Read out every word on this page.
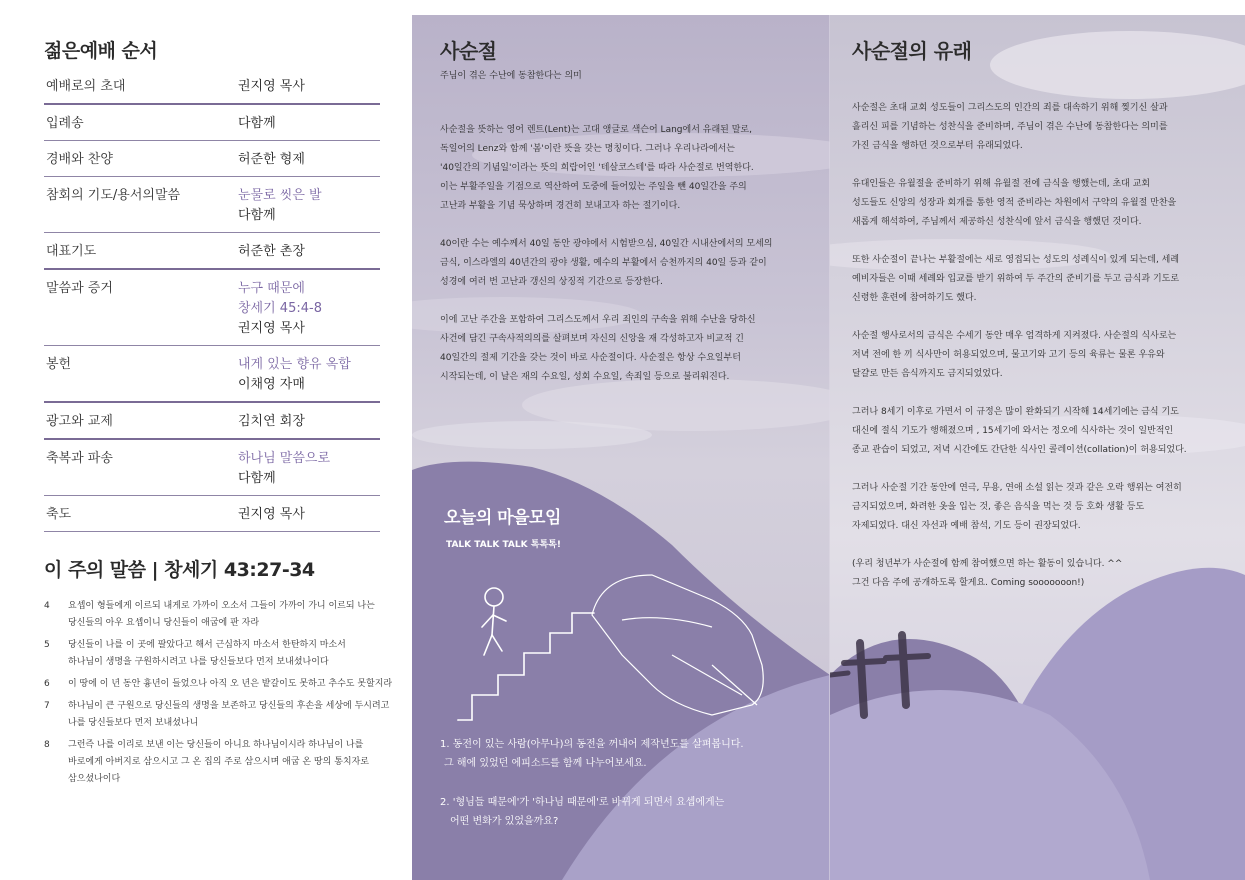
젊은예배 순서
예배로의 초대	권지영 목사
입례송	다함께
경배와 찬양	허준한 형제
참회의 기도/용서의말씀	눈물로 씻은 발
다함께
대표기도	허준한 촌장
말씀과 증거	누구 때문에
창세기 45:4-8
권지영 목사
봉헌	내게 있는 향유 옥합
이채영 자매
광고와 교제	김치연 회장
축복과 파송	하나님 말씀으로
다함께
축도	권지영 목사
이 주의 말씀 | 창세기 43:27-34
4	요셉이 형들에게 이르되 내게로 가까이 오소서 그들이 가까이 가니 이르되 나는
당신들의 아우 요셉이니 당신들이 애굽에 판 자라
5	당신들이 나를 이 곳에 팔았다고 해서 근심하지 마소서 한탄하지 마소서
하나님이 생명을 구원하시려고 나를 당신들보다 먼저 보내셨나이다
6	이 땅에 이 년 동안 흉년이 들었으나 아직 오 년은 밭갈이도 못하고 추수도 못할지라
7	하나님이 큰 구원으로 당신들의 생명을 보존하고 당신들의 후손을 세상에 두시려고
나를 당신들보다 먼저 보내셨나니
8	그런즉 나를 이리로 보낸 이는 당신들이 아니요 하나님이시라 하나님이 나를
바로에게 아버지로 삼으시고 그 온 집의 주로 삼으시며 애굽 온 땅의 통치자로
삼으셨나이다
사순절
주님이 겪은 수난에 동참한다는 의미
사순절을 뜻하는 영어 렌트(Lent)는 고대 앵글로 색슨어 Lang에서 유래된 말로,
독일어의 Lenz와 함께 '봄'이란 뜻을 갖는 명칭이다. 그러나 우리나라에서는
'40일간의 기념일'이라는 뜻의 희랍어인 '테살코스테'를 따라 사순절로 번역한다.
이는 부활주일을 기점으로 역산하여 도중에 들어있는 주일을 뺀 40일간을 주의
고난과 부활을 기념 묵상하며 경건히 보내고자 하는 절기이다.
40이란 수는 예수께서 40일 동안 광야에서 시험받으심, 40일간 시내산에서의 모세의
금식, 이스라엘의 40년간의 광야 생활, 예수의 부활에서 승천까지의 40일 등과 같이
성경에 여러 번 고난과 갱신의 상징적 기간으로 등장한다.
이에 고난 주간을 포함하여 그리스도께서 우리 죄인의 구속을 위해 수난을 당하신
사건에 담긴 구속사적의의를 살펴보며 자신의 신앙을 재 각성하고자 비교적 긴
40일간의 절제 기간을 갖는 것이 바로 사순절이다. 사순절은 항상 수요일부터
시작되는데, 이 날은 재의 수요일, 성회 수요일, 속죄일 등으로 불리워진다.
오늘의 마을모임
TALK TALK TALK 톡톡톡!
1. 동전이 있는 사람(아무나)의 동전을 꺼내어 제작년도를 살펴봅니다.
그 해에 있었던 에피소드를 함께 나누어보세요.
2. '형님들 때문에'가 '하나님 때문에'로 바뀌게 되면서 요셉에게는
어떤 변화가 있었을까요?
사순절의 유래
사순절은 초대 교회 성도들이 그리스도의 인간의 죄를 대속하기 위해 찢기신 살과
흘리신 피를 기념하는 성찬식을 준비하며, 주님이 겪은 수난에 동참한다는 의미를
가진 금식을 행하던 것으로부터 유래되었다.
유대인들은 유월절을 준비하기 위해 유월절 전에 금식을 행했는데, 초대 교회
성도들도 신앙의 성장과 회개를 통한 영적 준비라는 차원에서 구약의 유월절 만찬을
새롭게 해석하여, 주님께서 제공하신 성찬식에 앞서 금식을 행했던 것이다.
또한 사순절이 끝나는 부활절에는 새로 영접되는 성도의 성례식이 있게 되는데, 세례
예비자들은 이때 세례와 입교를 받기 위하여 두 주간의 준비기를 두고 금식과 기도로
신령한 훈련에 참여하기도 했다.
사순절 행사로서의 금식은 수세기 동안 매우 엄격하게 지켜졌다. 사순절의 식사로는
저녁 전에 한 끼 식사만이 허용되었으며, 물고기와 고기 등의 육류는 물론 우유와
달걀로 만든 음식까지도 금지되었었다.
그러나 8세기 이후로 가면서 이 규정은 많이 완화되기 시작해 14세기에는 금식 기도
대신에 절식 기도가 행해졌으며 , 15세기에 와서는 정오에 식사하는 것이 일반적인
종교 관습이 되었고, 저녁 시간에도 간단한 식사인 콜레이션(collation)이 허용되었다.
그러나 사순절 기간 동안에 연극, 무용, 연애 소설 읽는 것과 같은 오락 행위는 여전히
금지되었으며, 화려한 옷을 입는 것, 좋은 음식을 먹는 것 등 호화 생활 등도
자제되었다. 대신 자선과 예배 참석, 기도 등이 권장되었다.
(우리 청년부가 사순절에 함께 참여했으면 하는 활동이 있습니다. ^^
그건 다음 주에 공개하도록 할게요. Coming sooooooon!)
